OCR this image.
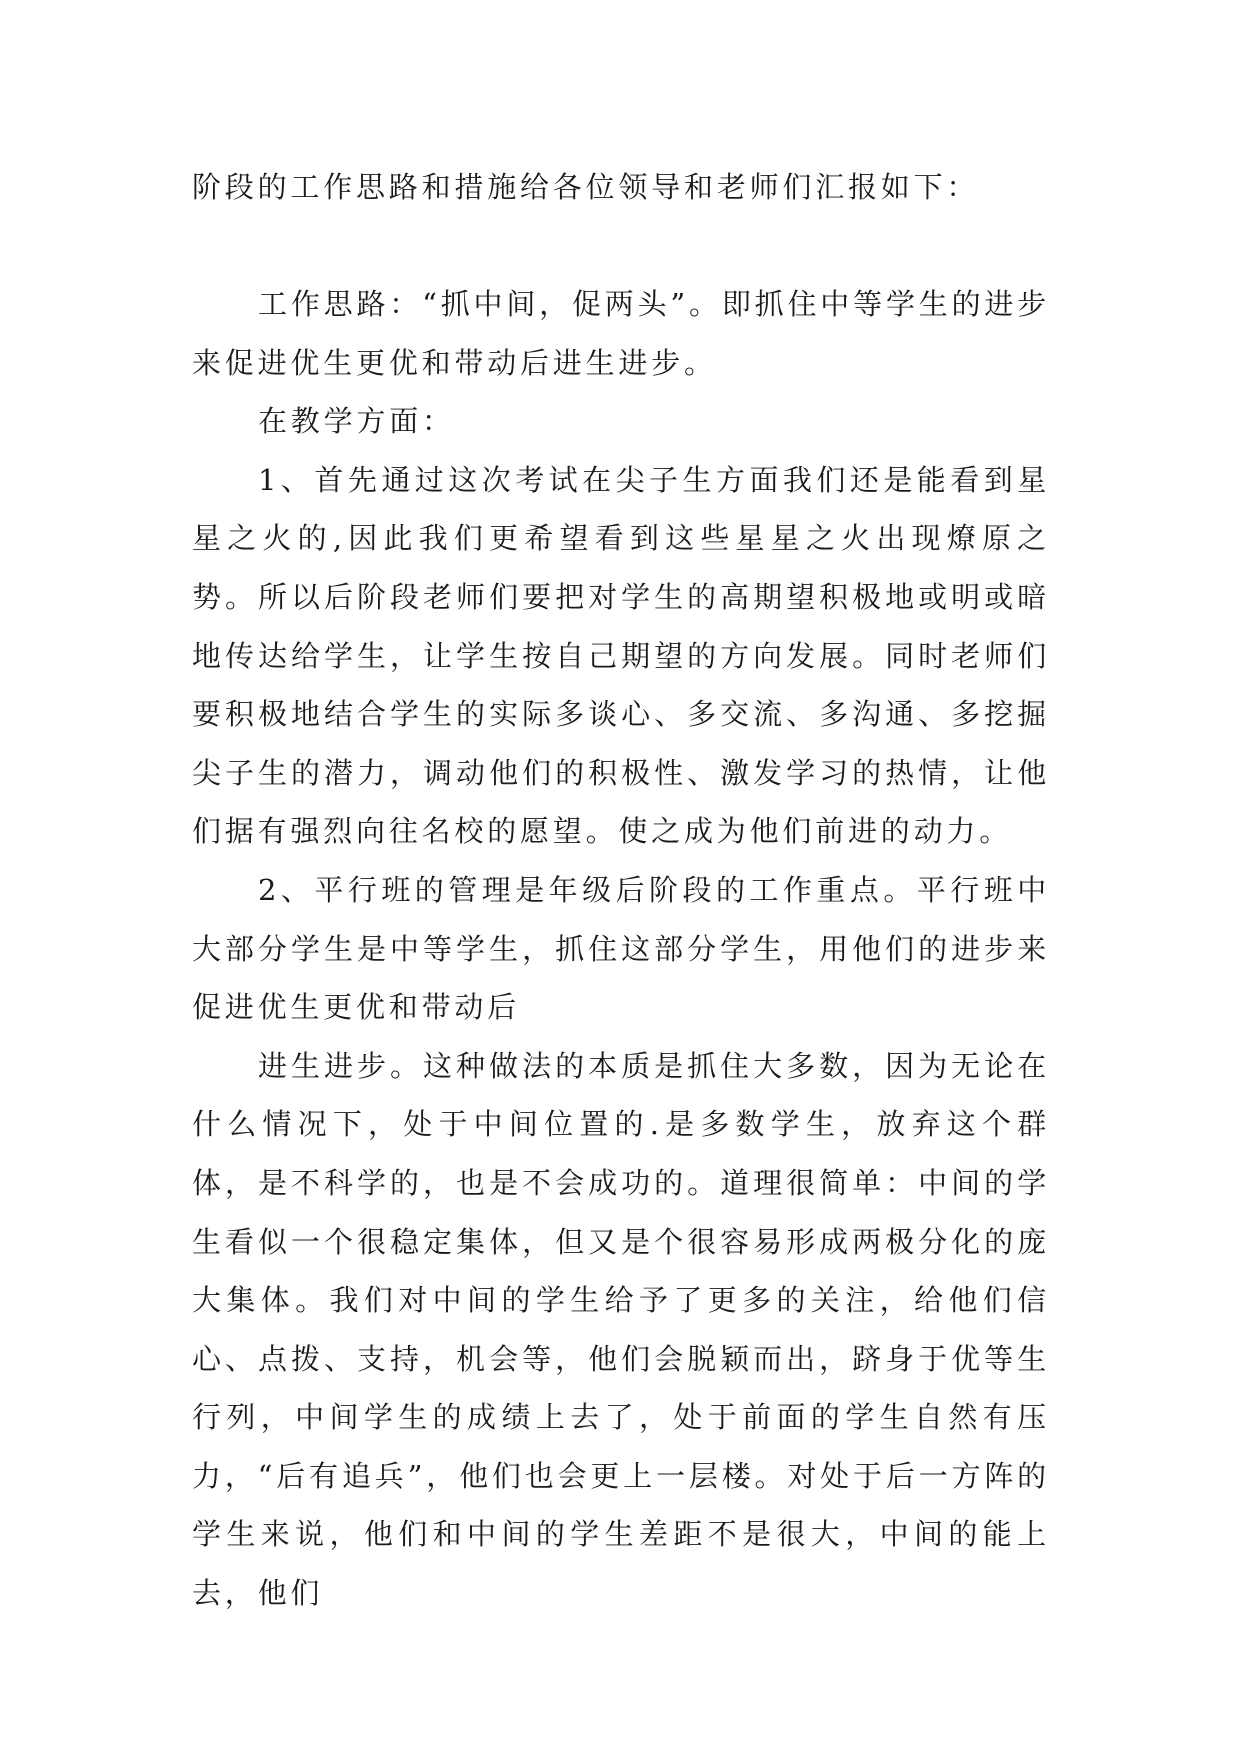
阶段的工作思路和措施给各位领导和老师们汇报如下：

工作思路：“抓中间，促两头”。即抓住中等学生的进步来促进优生更优和带动后进生进步。

在教学方面：

1、首先通过这次考试在尖子生方面我们还是能看到星星之火的,因此我们更希望看到这些星星之火出现燎原之势。所以后阶段老师们要把对学生的高期望积极地或明或暗地传达给学生，让学生按自己期望的方向发展。同时老师们要积极地结合学生的实际多谈心、多交流、多沟通、多挖掘尖子生的潜力，调动他们的积极性、激发学习的热情，让他们据有强烈向往名校的愿望。使之成为他们前进的动力。

2、平行班的管理是年级后阶段的工作重点。平行班中大部分学生是中等学生，抓住这部分学生，用他们的进步来促进优生更优和带动后

进生进步。这种做法的本质是抓住大多数，因为无论在什么情况下，处于中间位置的.是多数学生，放弃这个群体，是不科学的，也是不会成功的。道理很简单：中间的学生看似一个很稳定集体，但又是个很容易形成两极分化的庞大集体。我们对中间的学生给予了更多的关注，给他们信心、点拨、支持，机会等，他们会脱颖而出，跻身于优等生行列，中间学生的成绩上去了，处于前面的学生自然有压力，“后有追兵”，他们也会更上一层楼。对处于后一方阵的学生来说，他们和中间的学生差距不是很大，中间的能上去，他们
